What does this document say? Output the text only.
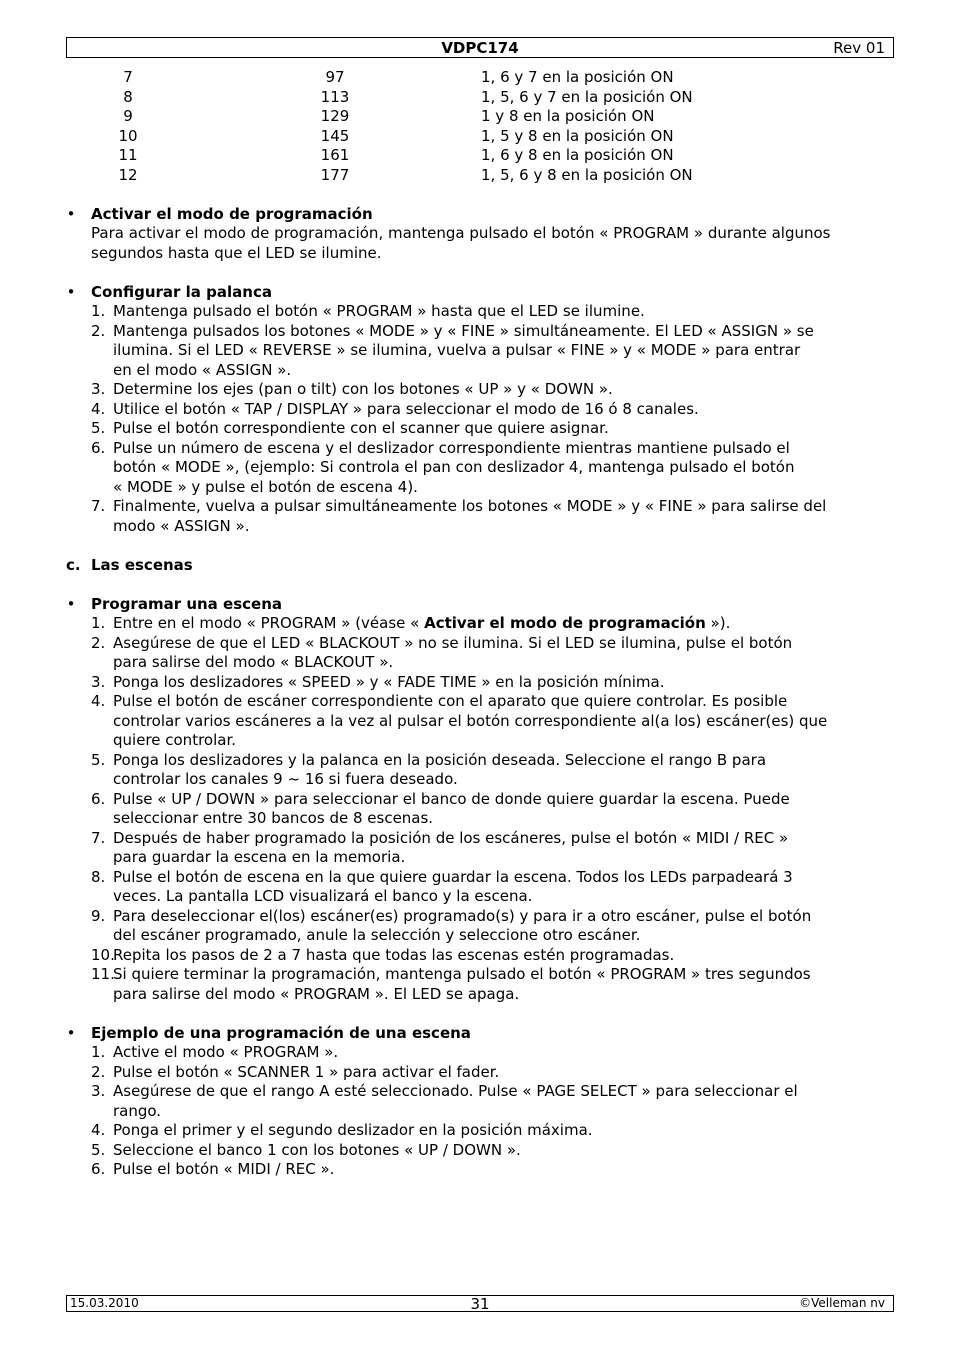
VDPC174	Rev 01
7	97	1, 6 y 7 en la posición ON
8	113	1, 5, 6 y 7 en la posición ON
9	129	1 y 8 en la posición ON
10	145	1, 5 y 8 en la posición ON
11	161	1, 6 y 8 en la posición ON
12	177	1, 5, 6 y 8 en la posición ON
• Activar el modo de programación
Para activar el modo de programación, mantenga pulsado el botón « PROGRAM » durante algunos
segundos hasta que el LED se ilumine.
• Configurar la palanca
1. Mantenga pulsado el botón « PROGRAM » hasta que el LED se ilumine.
2. Mantenga pulsados los botones « MODE » y « FINE » simultáneamente. El LED « ASSIGN » se
ilumina. Si el LED « REVERSE » se ilumina, vuelva a pulsar « FINE » y « MODE » para entrar
en el modo « ASSIGN ».
3. Determine los ejes (pan o tilt) con los botones « UP » y « DOWN ».
4. Utilice el botón « TAP / DISPLAY » para seleccionar el modo de 16 ó 8 canales.
5. Pulse el botón correspondiente con el scanner que quiere asignar.
6. Pulse un número de escena y el deslizador correspondiente mientras mantiene pulsado el
botón « MODE », (ejemplo: Si controla el pan con deslizador 4, mantenga pulsado el botón
« MODE » y pulse el botón de escena 4).
7. Finalmente, vuelva a pulsar simultáneamente los botones « MODE » y « FINE » para salirse del
modo « ASSIGN ».
c. Las escenas
• Programar una escena
1. Entre en el modo « PROGRAM » (véase « Activar el modo de programación »).
2. Asegúrese de que el LED « BLACKOUT » no se ilumina. Si el LED se ilumina, pulse el botón
para salirse del modo « BLACKOUT ».
3. Ponga los deslizadores « SPEED » y « FADE TIME » en la posición mínima.
4. Pulse el botón de escáner correspondiente con el aparato que quiere controlar. Es posible
controlar varios escáneres a la vez al pulsar el botón correspondiente al(a los) escáner(es) que
quiere controlar.
5. Ponga los deslizadores y la palanca en la posición deseada. Seleccione el rango B para
controlar los canales 9 ~ 16 si fuera deseado.
6. Pulse « UP / DOWN » para seleccionar el banco de donde quiere guardar la escena. Puede
seleccionar entre 30 bancos de 8 escenas.
7. Después de haber programado la posición de los escáneres, pulse el botón « MIDI / REC »
para guardar la escena en la memoria.
8. Pulse el botón de escena en la que quiere guardar la escena. Todos los LEDs parpadeará 3
veces. La pantalla LCD visualizará el banco y la escena.
9. Para deseleccionar el(los) escáner(es) programado(s) y para ir a otro escáner, pulse el botón
del escáner programado, anule la selección y seleccione otro escáner.
10.
Repita los pasos de 2 a 7 hasta que todas las escenas estén programadas.
11.
Si quiere terminar la programación, mantenga pulsado el botón « PROGRAM » tres segundos
para salirse del modo « PROGRAM ». El LED se apaga.
• Ejemplo de una programación de una escena
1. Active el modo « PROGRAM ».
2. Pulse el botón « SCANNER 1 » para activar el fader.
3. Asegúrese de que el rango A esté seleccionado. Pulse « PAGE SELECT » para seleccionar el
rango.
4. Ponga el primer y el segundo deslizador en la posición máxima.
5. Seleccione el banco 1 con los botones « UP / DOWN ».
6. Pulse el botón « MIDI / REC ».
15.03.2010	31	©Velleman nv
